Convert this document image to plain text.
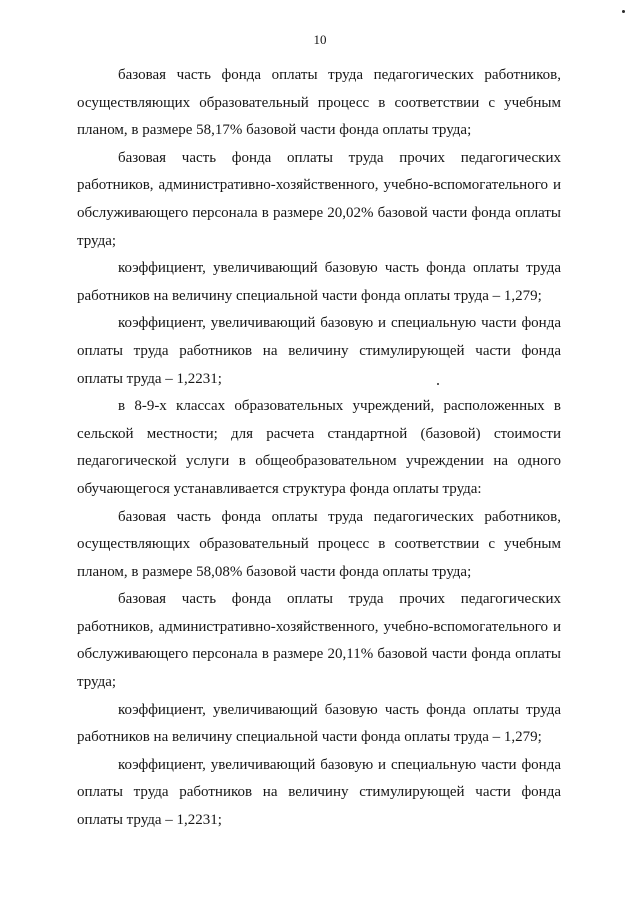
10

базовая часть фонда оплаты труда педагогических работников, осуществляющих образовательный процесс в соответствии с учебным планом, в размере 58,17% базовой части фонда оплаты труда;

базовая часть фонда оплаты труда прочих педагогических работников, административно-хозяйственного, учебно-вспомогательного и обслуживающего персонала в размере 20,02% базовой части фонда оплаты труда;

коэффициент, увеличивающий базовую часть фонда оплаты труда работников на величину специальной части фонда оплаты труда – 1,279;

коэффициент, увеличивающий базовую и специальную части фонда оплаты труда работников на величину стимулирующей части фонда оплаты труда – 1,2231;

в 8-9-х классах образовательных учреждений, расположенных в сельской местности; для расчета стандартной (базовой) стоимости педагогической услуги в общеобразовательном учреждении на одного обучающегося устанавливается структура фонда оплаты труда:

базовая часть фонда оплаты труда педагогических работников, осуществляющих образовательный процесс в соответствии с учебным планом, в размере 58,08% базовой части фонда оплаты труда;

базовая часть фонда оплаты труда прочих педагогических работников, административно-хозяйственного, учебно-вспомогательного и обслуживающего персонала в размере 20,11% базовой части фонда оплаты труда;

коэффициент, увеличивающий базовую часть фонда оплаты труда работников на величину специальной части фонда оплаты труда – 1,279;

коэффициент, увеличивающий базовую и специальную части фонда оплаты труда работников на величину стимулирующей части фонда оплаты труда – 1,2231;
